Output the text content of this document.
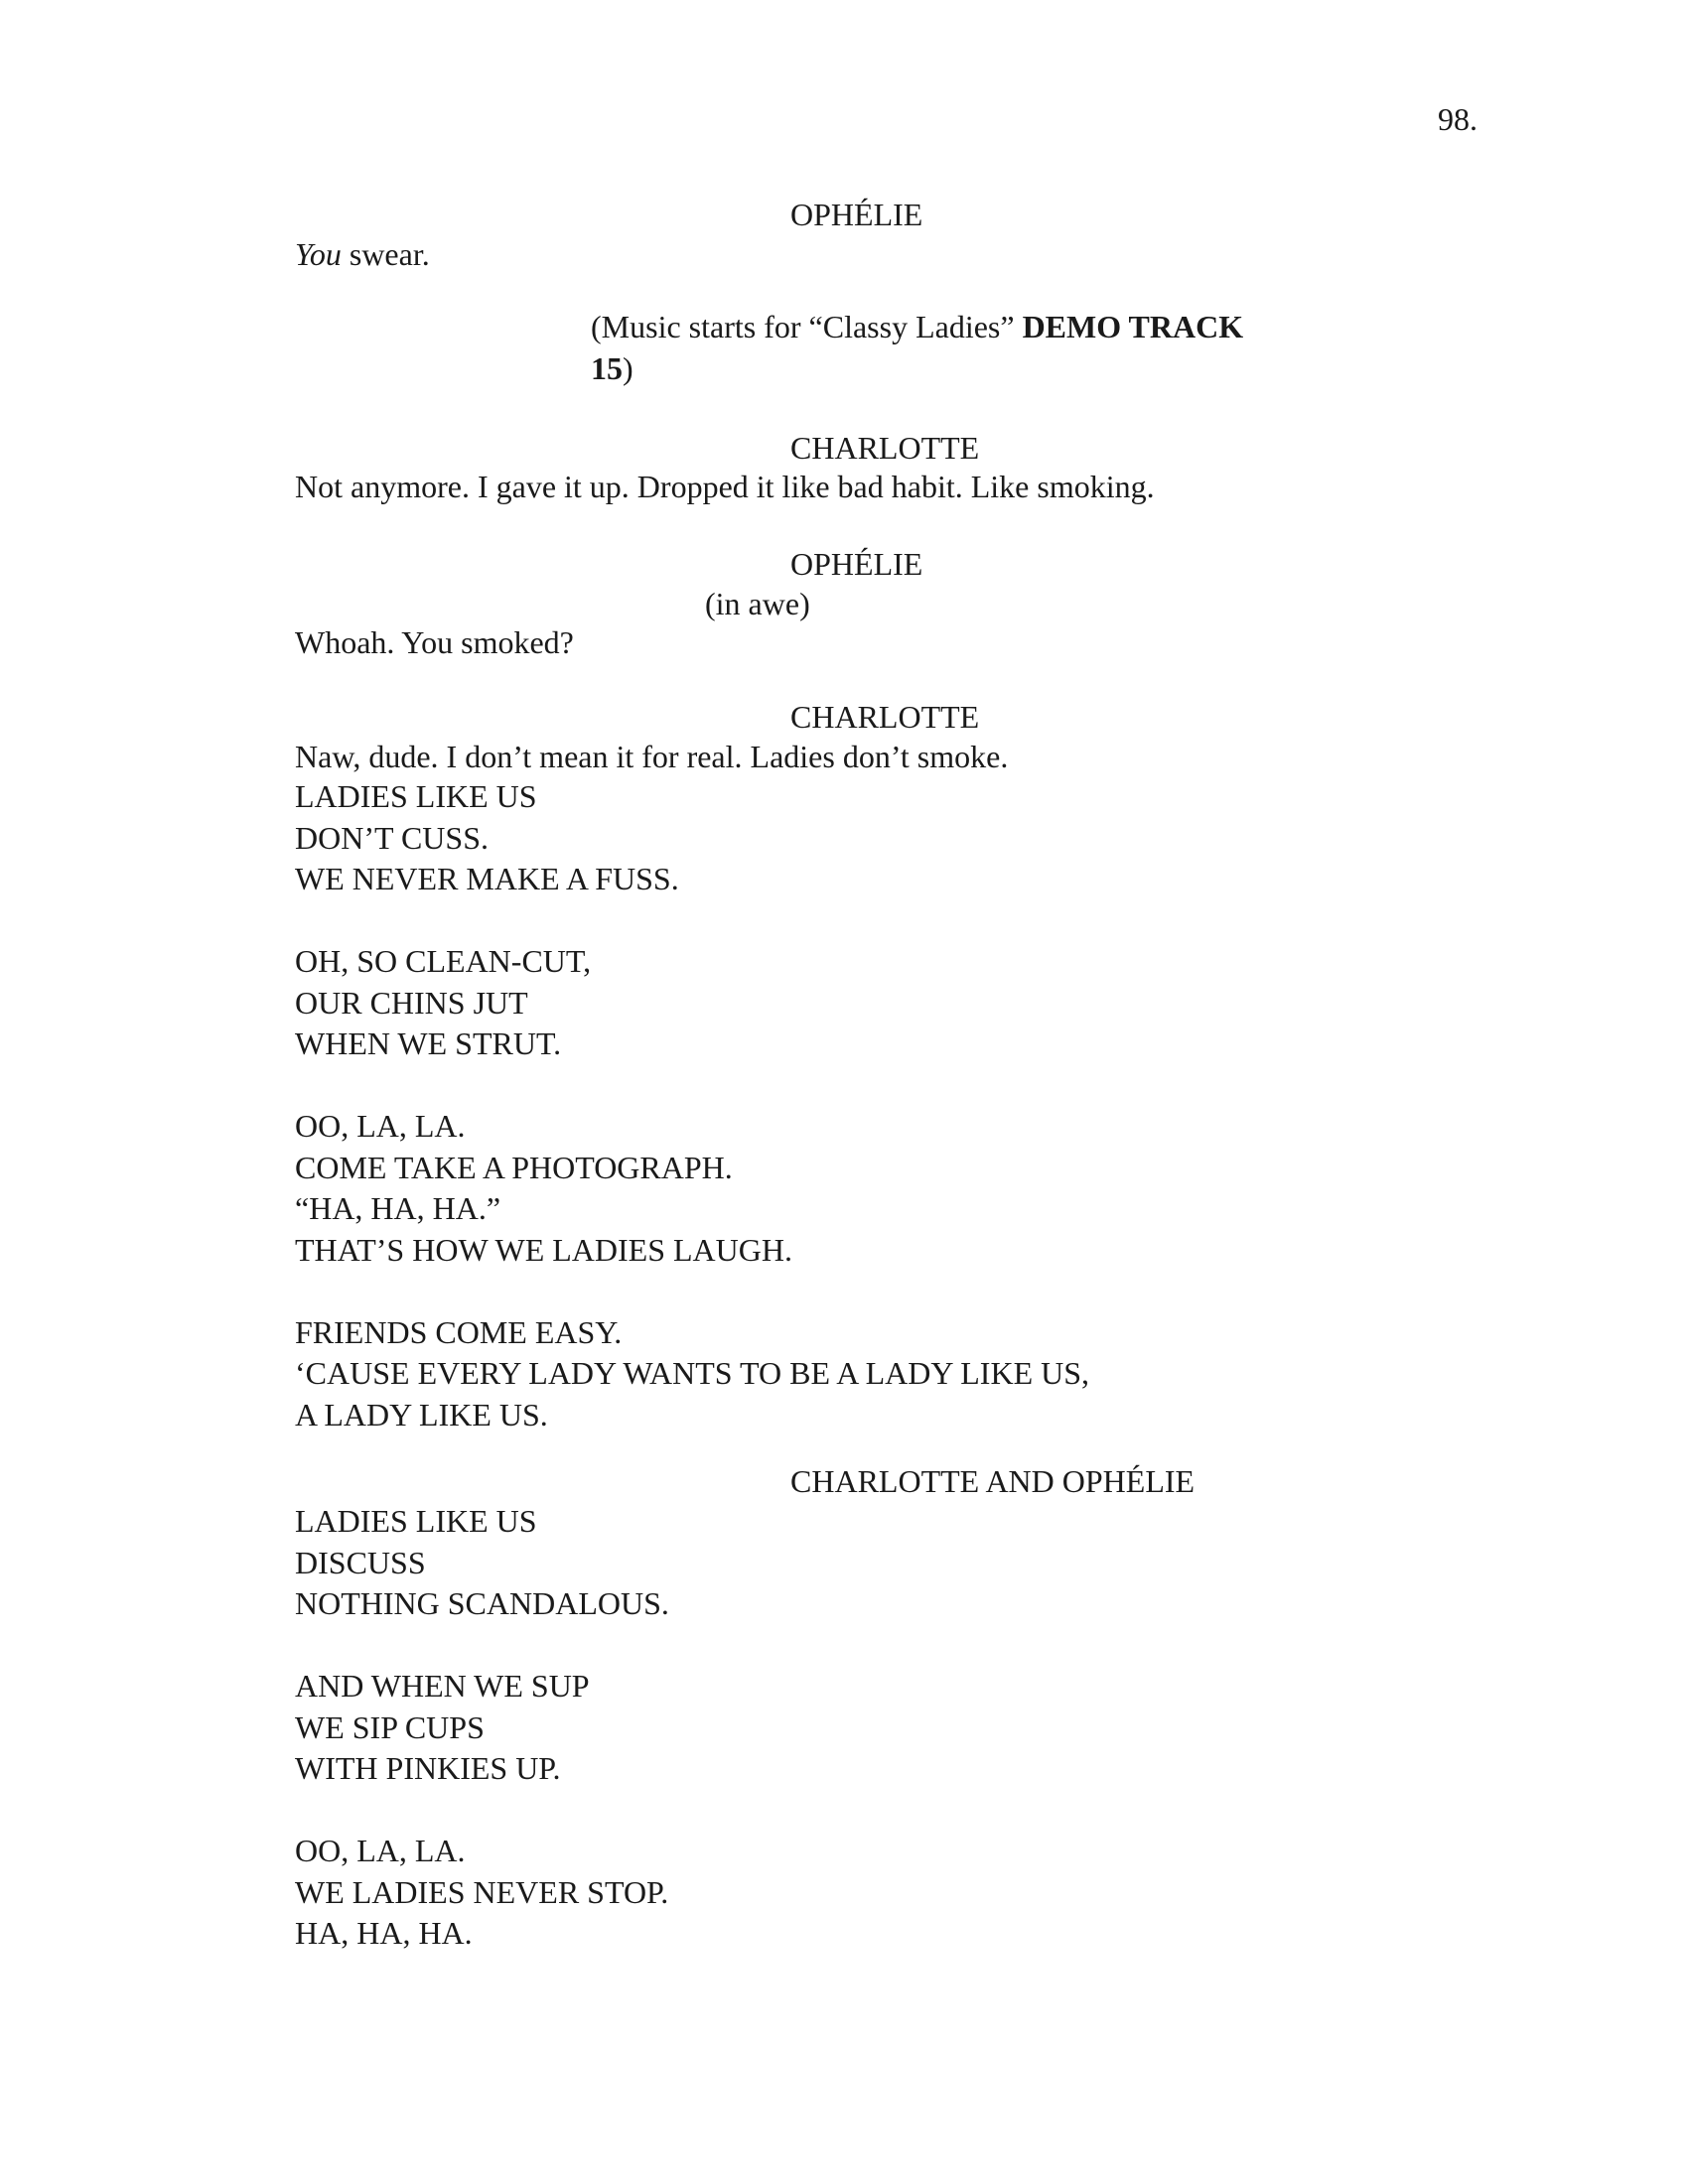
98.
OPHÉLIE
You swear.
(Music starts for “Classy Ladies” DEMO TRACK
15)
CHARLOTTE
Not anymore. I gave it up. Dropped it like bad habit. Like smoking.
OPHÉLIE
(in awe)
Whoah. You smoked?
CHARLOTTE
Naw, dude. I don’t mean it for real. Ladies don’t smoke.
LADIES LIKE US
DON’T CUSS.
WE NEVER MAKE A FUSS.
OH, SO CLEAN-CUT,
OUR CHINS JUT
WHEN WE STRUT.
OO, LA, LA.
COME TAKE A PHOTOGRAPH.
“HA, HA, HA.”
THAT’S HOW WE LADIES LAUGH.
FRIENDS COME EASY.
‘CAUSE EVERY LADY WANTS TO BE A LADY LIKE US,
A LADY LIKE US.
CHARLOTTE AND OPHÉLIE
LADIES LIKE US
DISCUSS
NOTHING SCANDALOUS.
AND WHEN WE SUP
WE SIP CUPS
WITH PINKIES UP.
OO, LA, LA.
WE LADIES NEVER STOP.
HA, HA, HA.
